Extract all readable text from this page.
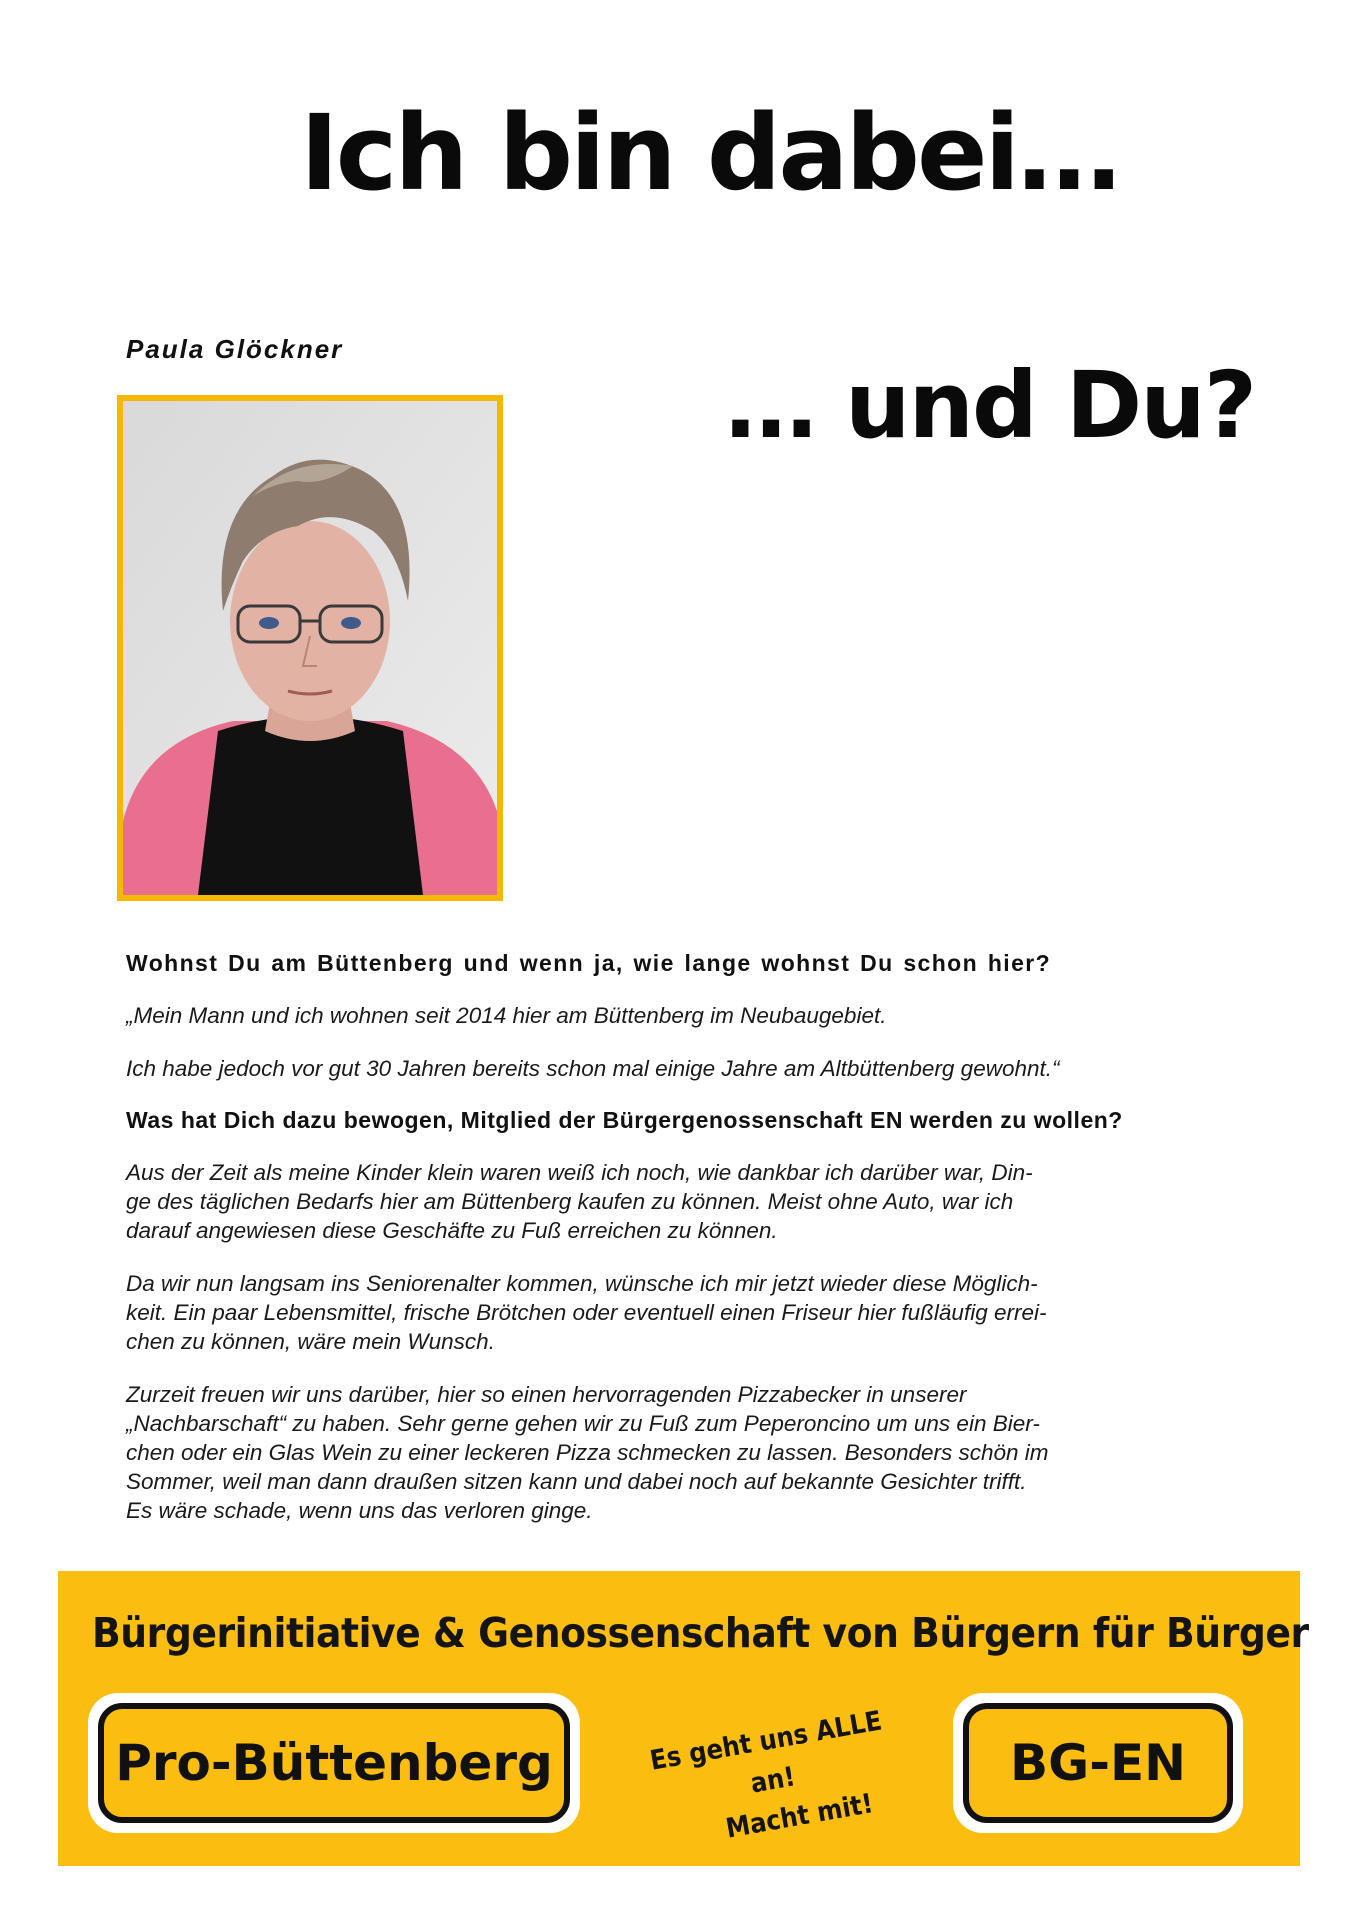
Ich bin dabei…
Paula Glöckner
… und Du?

Wohnst Du am Büttenberg und wenn ja, wie lange wohnst Du schon hier?

„Mein Mann und ich wohnen seit 2014 hier am Büttenberg im Neubaugebiet.

Ich habe jedoch vor gut 30 Jahren bereits schon mal einige Jahre am Altbüttenberg gewohnt.“

Was hat Dich dazu bewogen, Mitglied der Bürgergenossenschaft EN werden zu wollen?

Aus der Zeit als meine Kinder klein waren weiß ich noch, wie dankbar ich darüber war, Din-
ge des täglichen Bedarfs hier am Büttenberg kaufen zu können. Meist ohne Auto, war ich
darauf angewiesen diese Geschäfte zu Fuß erreichen zu können.

Da wir nun langsam ins Seniorenalter kommen, wünsche ich mir jetzt wieder diese Möglich-
keit. Ein paar Lebensmittel, frische Brötchen oder eventuell einen Friseur hier fußläufig errei-
chen zu können, wäre mein Wunsch.

Zurzeit freuen wir uns darüber, hier so einen hervorragenden Pizzabecker in unserer
„Nachbarschaft“ zu haben. Sehr gerne gehen wir zu Fuß zum Peperoncino um uns ein Bier-
chen oder ein Glas Wein zu einer leckeren Pizza schmecken zu lassen. Besonders schön im
Sommer, weil man dann draußen sitzen kann und dabei noch auf bekannte Gesichter trifft.
Es wäre schade, wenn uns das verloren ginge.

Bürgerinitiative & Genossenschaft von Bürgern für Bürger
Pro-Büttenberg	Es geht uns ALLE an!
Macht mit!
BG-EN
